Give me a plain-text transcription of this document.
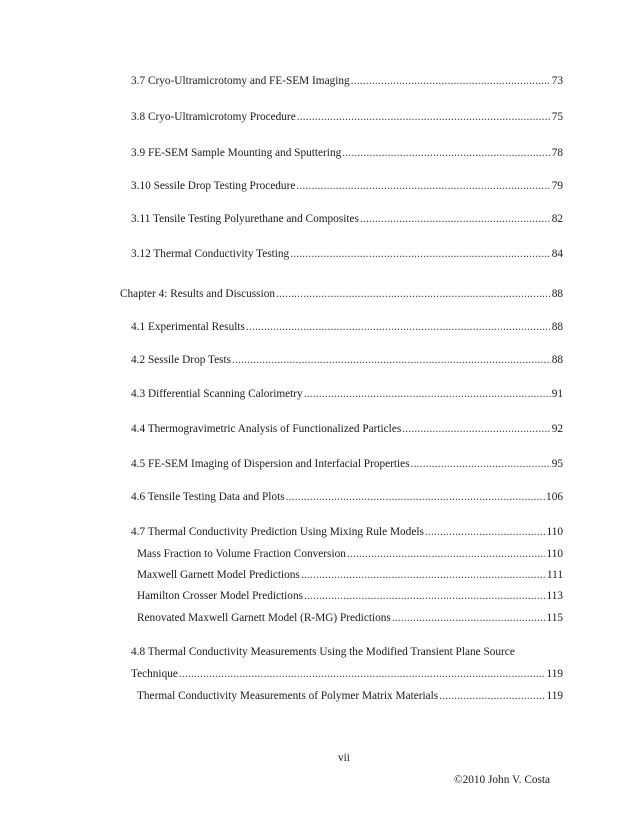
3.7 Cryo-Ultramicrotomy and FE-SEM Imaging .....	73
3.8 Cryo-Ultramicrotomy Procedure .....	75
3.9 FE-SEM Sample Mounting and Sputtering .....	78
3.10 Sessile Drop Testing Procedure .....	79
3.11 Tensile Testing Polyurethane and Composites .....	82
3.12 Thermal Conductivity Testing .....	84
Chapter 4: Results and Discussion .....	88
4.1 Experimental Results .....	88
4.2 Sessile Drop Tests .....	88
4.3 Differential Scanning Calorimetry .....	91
4.4 Thermogravimetric Analysis of Functionalized Particles .....	92
4.5 FE-SEM Imaging of Dispersion and Interfacial Properties .....	95
4.6 Tensile Testing Data and Plots .....	106
4.7 Thermal Conductivity Prediction Using Mixing Rule Models .....	110
Mass Fraction to Volume Fraction Conversion .....	110
Maxwell Garnett Model Predictions .....	111
Hamilton Crosser Model Predictions .....	113
Renovated Maxwell Garnett Model (R-MG) Predictions .....	115
4.8 Thermal Conductivity Measurements Using the Modified Transient Plane Source
Technique .....	119
Thermal Conductivity Measurements of Polymer Matrix Materials .....	119
vii
©2010 John V. Costa
